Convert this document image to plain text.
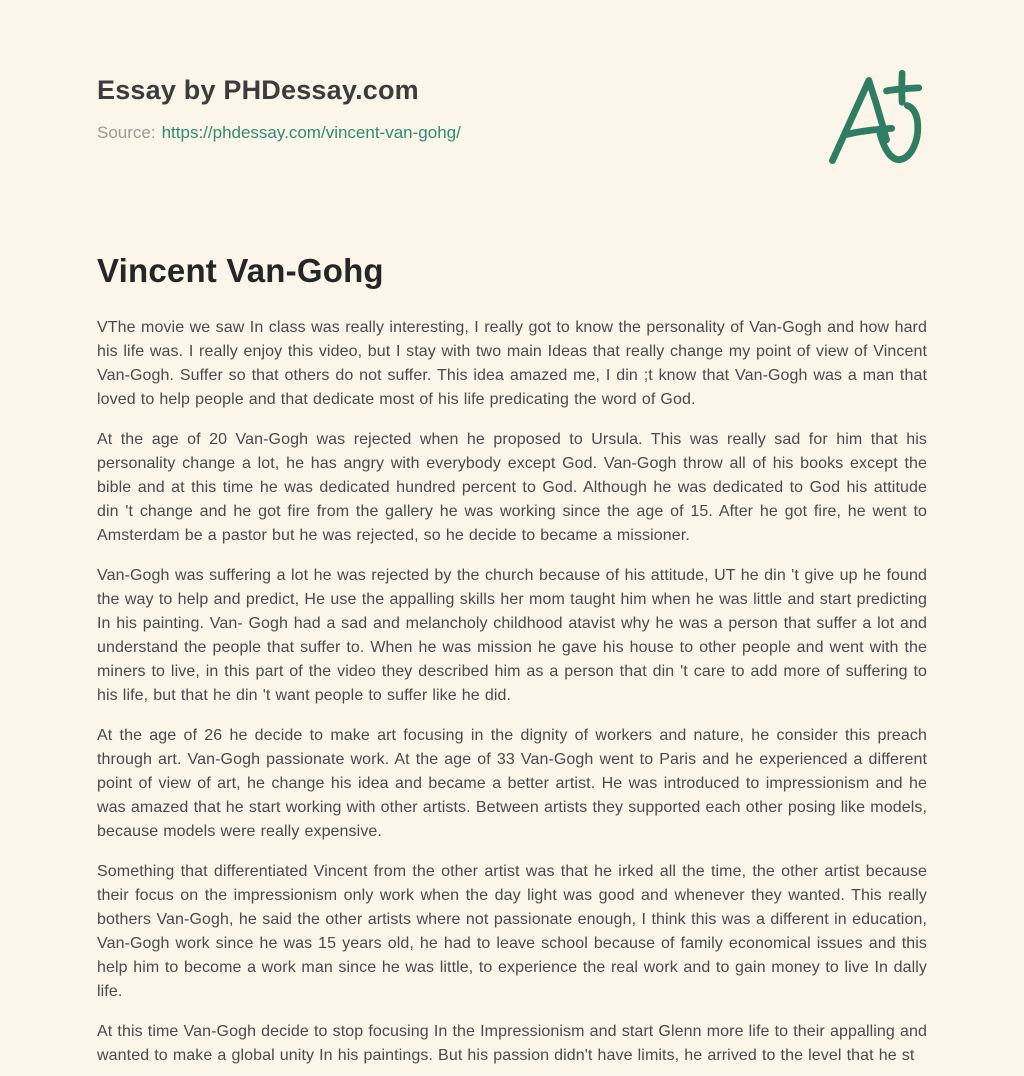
Essay by PHDessay.com
Source: https://phdessay.com/vincent-van-gohg/
Vincent Van-Gohg

VThe movie we saw In class was really interesting, I really got to know the personality of Van-Gogh and how hard his life was. I really enjoy this video, but I stay with two main Ideas that really change my point of view of Vincent Van-Gogh. Suffer so that others do not suffer. This idea amazed me, I din ;t know that Van-Gogh was a man that loved to help people and that dedicate most of his life predicating the word of God.

At the age of 20 Van-Gogh was rejected when he proposed to Ursula. This was really sad for him that his personality change a lot, he has angry with everybody except God. Van-Gogh throw all of his books except the bible and at this time he was dedicated hundred percent to God. Although he was dedicated to God his attitude din 't change and he got fire from the gallery he was working since the age of 15. After he got fire, he went to Amsterdam be a pastor but he was rejected, so he decide to became a missioner.

Van-Gogh was suffering a lot he was rejected by the church because of his attitude, UT he din 't give up he found the way to help and predict, He use the appalling skills her mom taught him when he was little and start predicting In his painting. Van- Gogh had a sad and melancholy childhood atavist why he was a person that suffer a lot and understand the people that suffer to. When he was mission he gave his house to other people and went with the miners to live, in this part of the video they described him as a person that din 't care to add more of suffering to his life, but that he din 't want people to suffer like he did.

At the age of 26 he decide to make art focusing in the dignity of workers and nature, he consider this preach through art. Van-Gogh passionate work. At the age of 33 Van-Gogh went to Paris and he experienced a different point of view of art, he change his idea and became a better artist. He was introduced to impressionism and he was amazed that he start working with other artists. Between artists they supported each other posing like models, because models were really expensive.

Something that differentiated Vincent from the other artist was that he irked all the time, the other artist because their focus on the impressionism only work when the day light was good and whenever they wanted. This really bothers Van-Gogh, he said the other artists where not passionate enough, I think this was a different in education, Van-Gogh work since he was 15 years old, he had to leave school because of family economical issues and this help him to become a work man since he was little, to experience the real work and to gain money to live In dally life.

At this time Van-Gogh decide to stop focusing In the Impressionism and start Glenn more life to their appalling and wanted to make a global unity In his paintings. But his passion didn't have limits, he arrived to the level that he st
